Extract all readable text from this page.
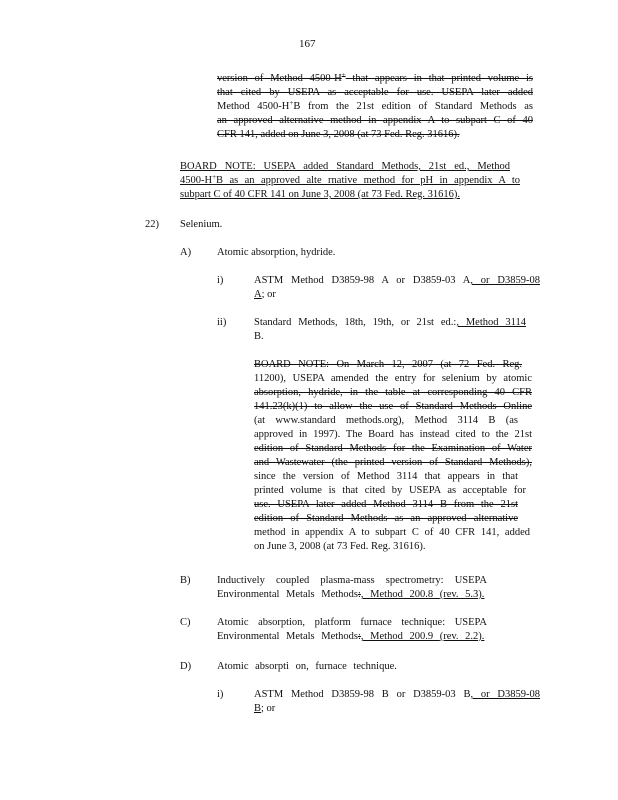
167
version of Method 4500-H+ that appears in that printed volume is
that cited by USEPA as acceptable for use. USEPA later added
Method 4500-H+B from the 21st edition of Standard Methods as
an approved alternative method in appendix A to subpart C of 40
CFR 141, added on June 3, 2008 (at 73 Fed. Reg. 31616).
BOARD NOTE: USEPA added Standard Methods, 21st ed., Method
4500-H+B as an approved alte rnative method for pH in appendix A to
subpart C of 40 CFR 141 on June 3, 2008 (at 73 Fed. Reg. 31616).
22) Selenium.
A) Atomic absorption, hydride.
i)	ASTM Method D3859-98 A or D3859-03 A, or D3859-08
A; or
ii)	Standard Methods, 18th, 19th, or 21st ed.:, Method 3114
B.
BOARD NOTE: On March 12, 2007 (at 72 Fed. Reg.
11200), USEPA amended the entry for selenium by atomic
absorption, hydride, in the table at corresponding 40 CFR
141.23(k)(1) to allow the use of Standard Methods Online
(at www.standard methods.org), Method 3114 B (as
approved in 1997). The Board has instead cited to the 21st
edition of Standard Methods for the Examination of Water
and Wastewater (the printed version of Standard Methods),
since the version of Method 3114 that appears in that
printed volume is that cited by USEPA as acceptable for
use. USEPA later added Method 3114 B from the 21st
edition of Standard Methods as an approved alternative
method in appendix A to subpart C of 40 CFR 141, added
on June 3, 2008 (at 73 Fed. Reg. 31616).
B)	Inductively coupled plasma-mass spectrometry: USEPA
Environmental Metals Methods:, Method 200.8 (rev. 5.3).
C)	Atomic absorption, platform furnace technique: USEPA
Environmental Metals Methods:, Method 200.9 (rev. 2.2).
D) Atomic absorpti on, furnace technique.
i)	ASTM Method D3859-98 B or D3859-03 B, or D3859-08
B; or
